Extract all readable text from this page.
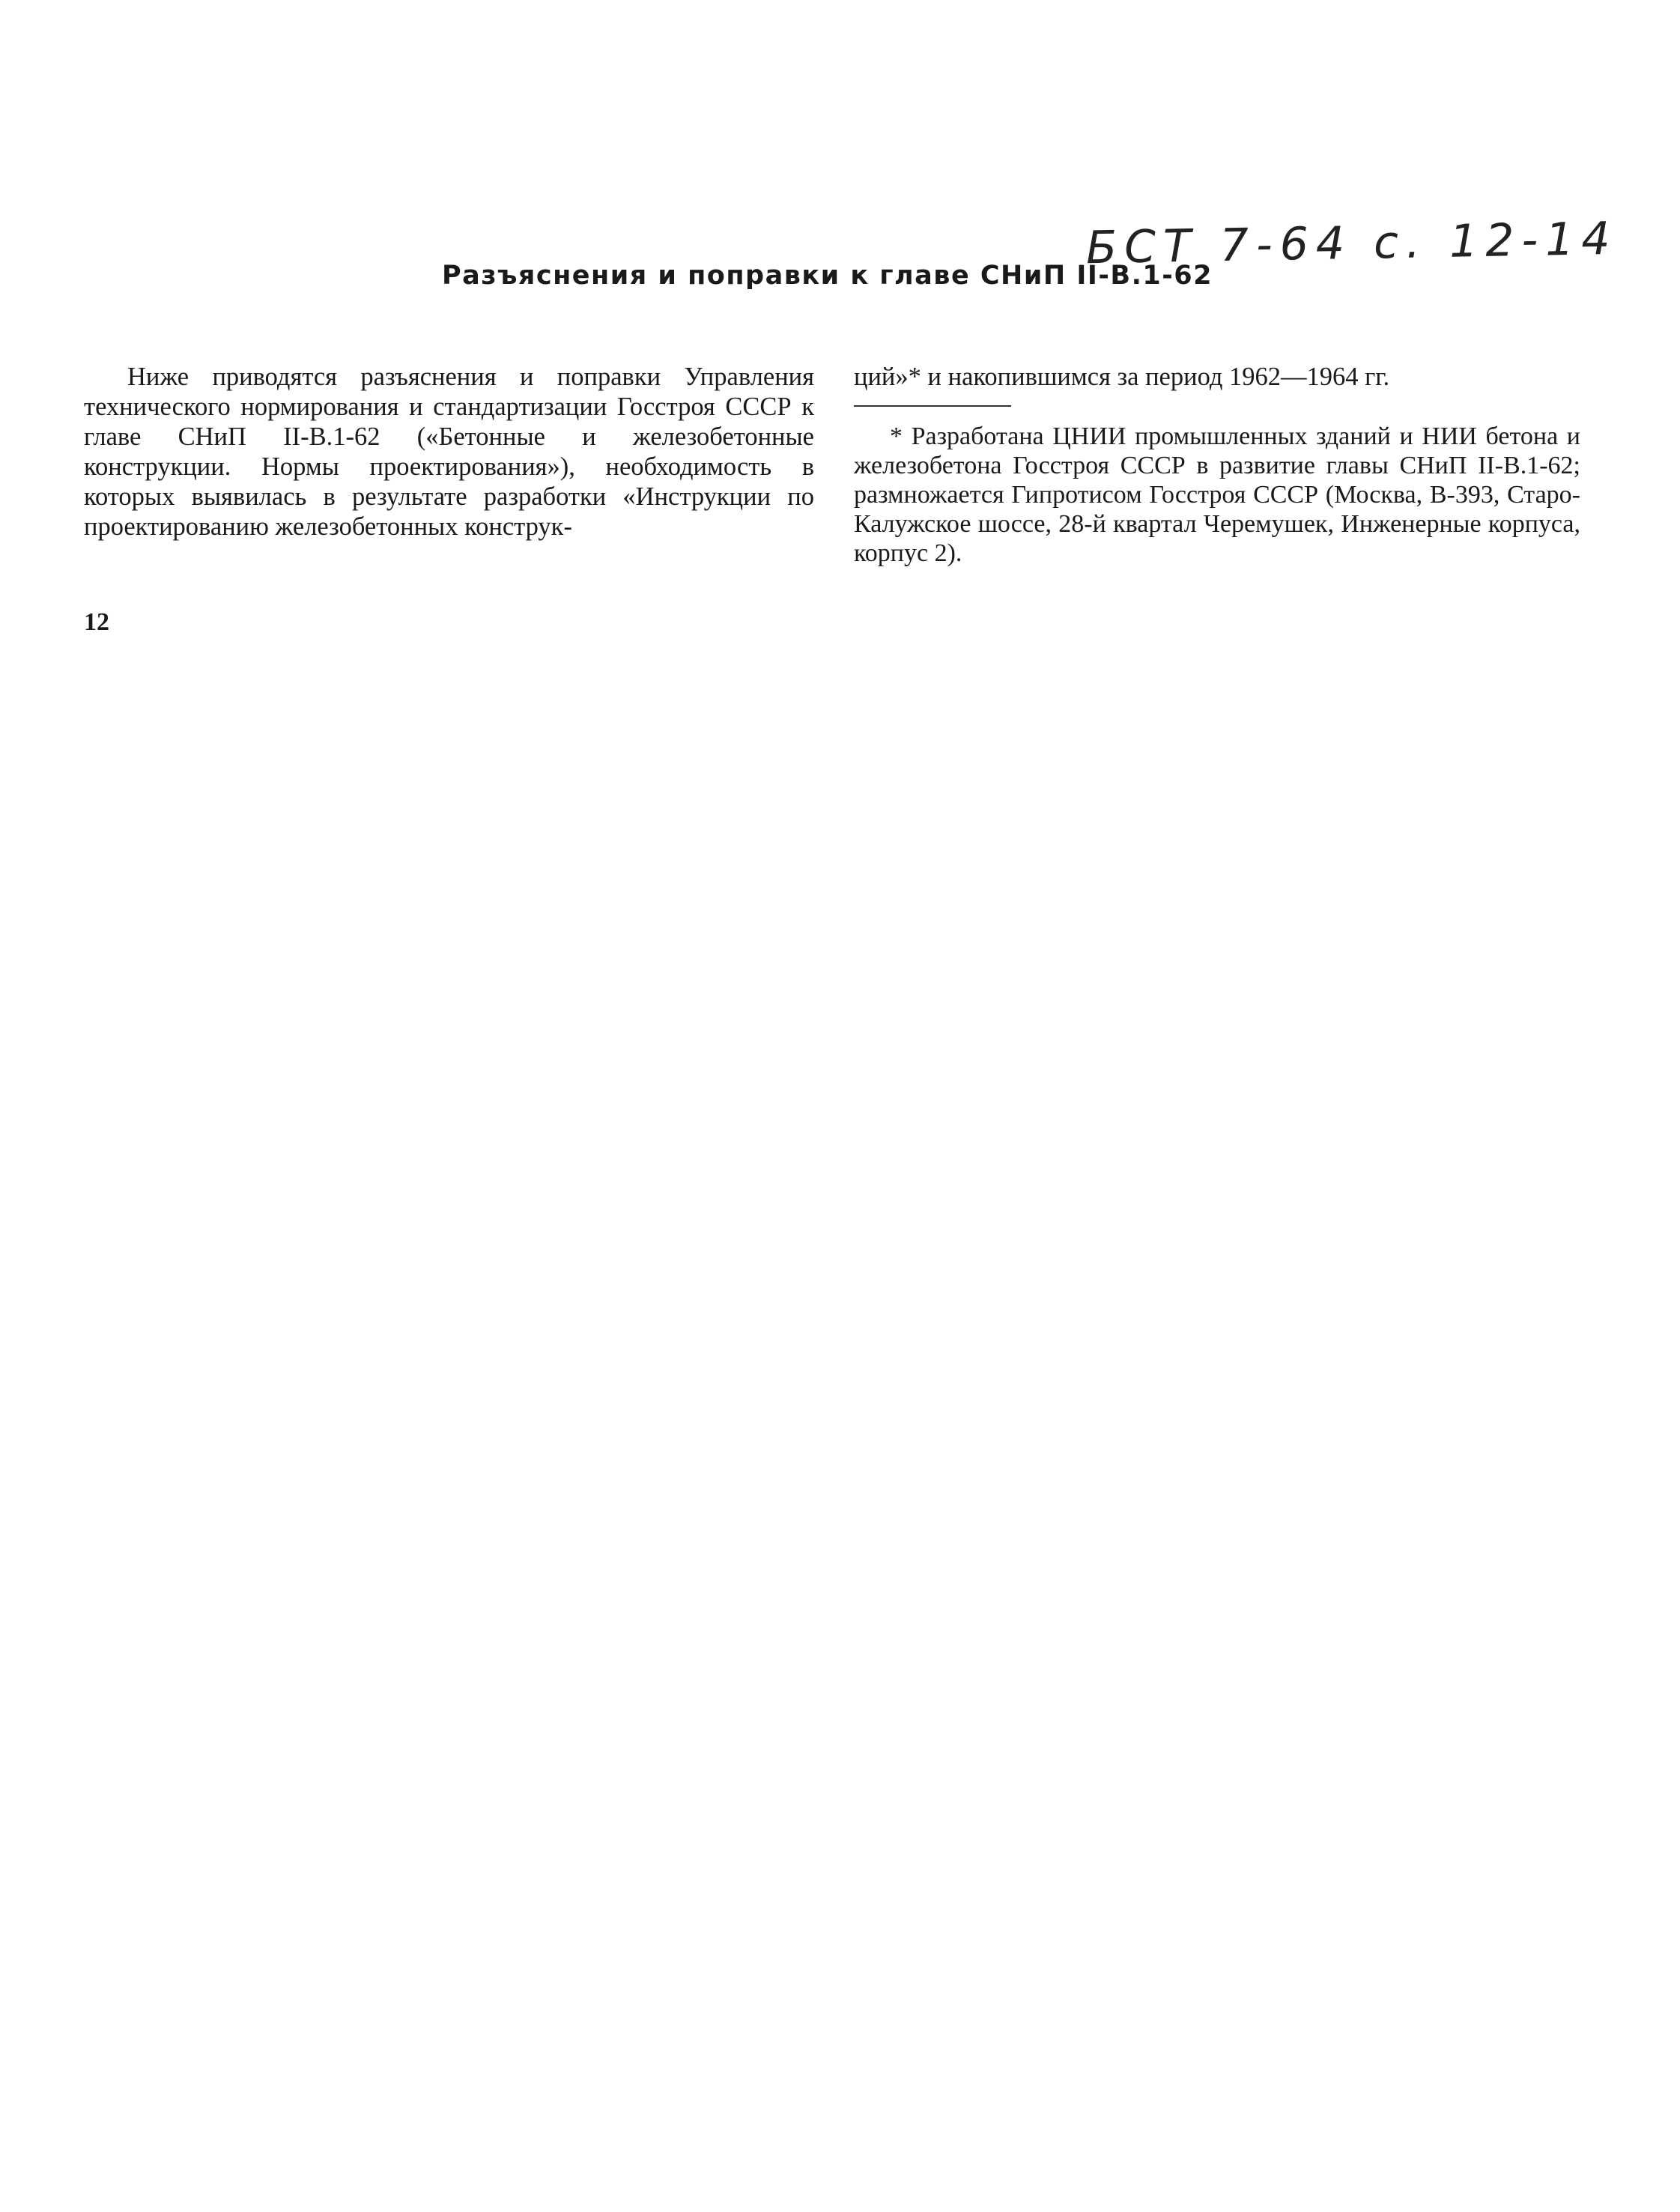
БСТ 7-64 с. 12-14
Разъяснения и поправки к главе СНиП II-В.1-62

Ниже приводятся разъяснения и поправки Управления технического нормирования и стандартизации Госстроя СССР к главе СНиП II-В.1-62 («Бетонные и железобетонные конструкции. Нормы проектирования»), необходимость в которых выявилась в результате разработки «Инструкции по проектированию железобетонных конструк-

ций»* и накопившимся за период 1962—1964 гг.

* Разработана ЦНИИ промышленных зданий и НИИ бетона и железобетона Госстроя СССР в развитие главы СНиП II-В.1-62; размножается Гипротисом Госстроя СССР (Москва, В-393, Старо-Калужское шоссе, 28-й квартал Черемушек, Инженерные корпуса, корпус 2).

12
